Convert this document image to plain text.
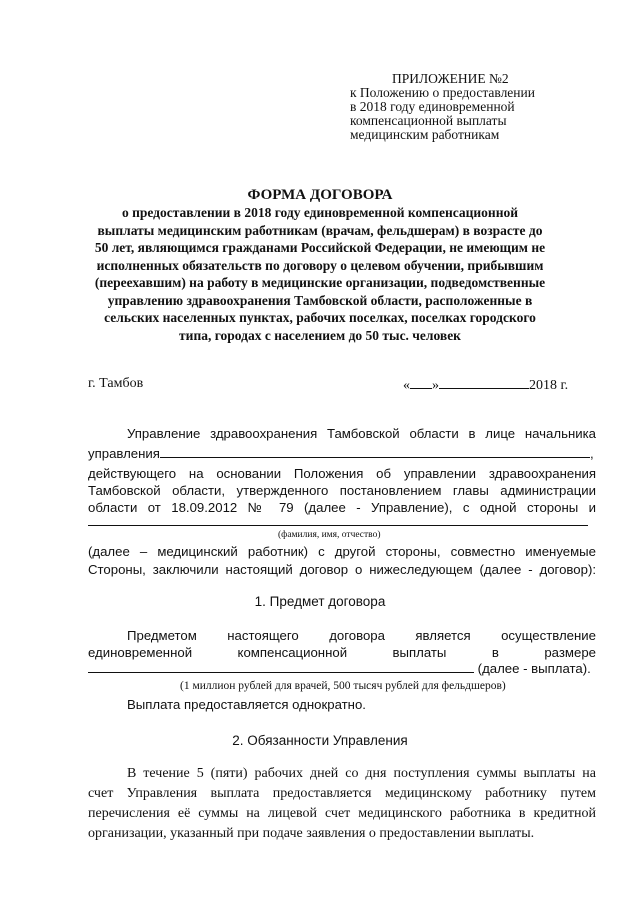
ПРИЛОЖЕНИЕ №2
к Положению о предоставлении
в 2018 году единовременной
компенсационной выплаты
медицинским работникам
ФОРМА ДОГОВОРА
о предоставлении в 2018 году единовременной компенсационной
выплаты медицинским работникам (врачам, фельдшерам) в возрасте до
50 лет, являющимся гражданами Российской Федерации, не имеющим не
исполненных обязательств по договору о целевом обучении, прибывшим
(переехавшим) на работу в медицинские организации, подведомственные
управлению здравоохранения Тамбовской области, расположенные в
сельских населенных пунктах, рабочих поселках, поселках городского
типа, городах с населением до 50 тыс. человек
г. Тамбов	« »	2018 г.
Управление здравоохранения Тамбовской области в лице начальника
управления	,
действующего на основании Положения об управлении здравоохранения
Тамбовской области, утвержденного постановлением главы администрации
области от 18.09.2012 № 79 (далее - Управление), с одной стороны и
(фамилия, имя, отчество)
(далее – медицинский работник) с другой стороны, совместно именуемые
Стороны, заключили настоящий договор о нижеследующем (далее - договор):
1. Предмет договора
Предметом настоящего договора является осуществление
единовременной компенсационной выплаты в размере
(далее - выплата).
(1 миллион рублей для врачей, 500 тысяч рублей для фельдшеров)
Выплата предоставляется однократно.
2. Обязанности Управления
В течение 5 (пяти) рабочих дней со дня поступления суммы выплаты на
счет Управления выплата предоставляется медицинскому работнику путем
перечисления её суммы на лицевой счет медицинского работника в кредитной
организации, указанный при подаче заявления о предоставлении выплаты.
